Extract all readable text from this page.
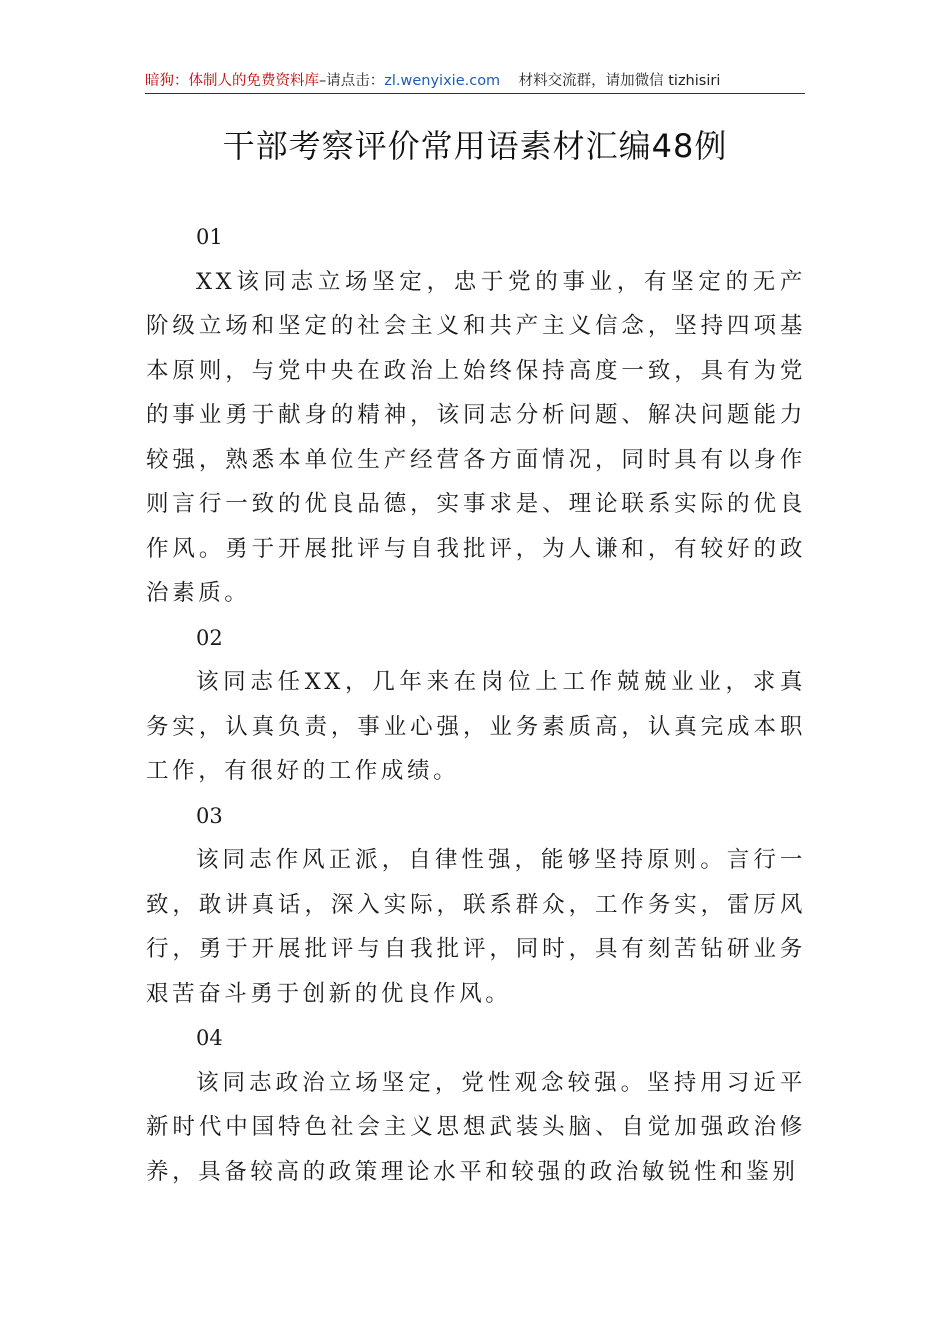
暗狗：体制人的免费资料库–请点击：zl.wenyixie.com 材料交流群，请加微信 tizhisiri
干部考察评价常用语素材汇编48例

01

XX该同志立场坚定，忠于党的事业，有坚定的无产阶级立场和坚定的社会主义和共产主义信念，坚持四项基本原则，与党中央在政治上始终保持高度一致，具有为党的事业勇于献身的精神，该同志分析问题、解决问题能力较强，熟悉本单位生产经营各方面情况，同时具有以身作则言行一致的优良品德，实事求是、理论联系实际的优良作风。勇于开展批评与自我批评，为人谦和，有较好的政治素质。

02

该同志任XX，几年来在岗位上工作兢兢业业，求真务实，认真负责，事业心强，业务素质高，认真完成本职工作，有很好的工作成绩。

03

该同志作风正派，自律性强，能够坚持原则。言行一致，敢讲真话，深入实际，联系群众，工作务实，雷厉风行，勇于开展批评与自我批评，同时，具有刻苦钻研业务艰苦奋斗勇于创新的优良作风。

04

该同志政治立场坚定，党性观念较强。坚持用习近平新时代中国特色社会主义思想武装头脑、自觉加强政治修养，具备较高的政策理论水平和较强的政治敏锐性和鉴别
